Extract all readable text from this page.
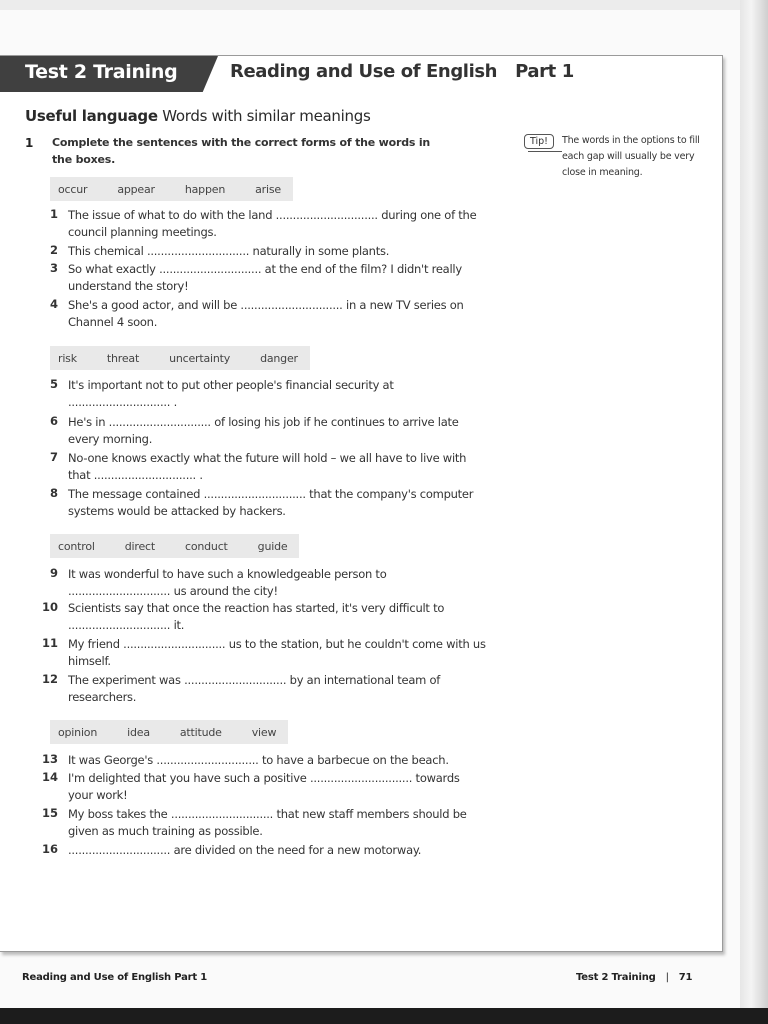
Test 2 Training	Reading and Use of English Part 1
Useful language Words with similar meanings
1 Complete the sentences with the correct forms of the words in the boxes.
Tip!	The words in the options to fill each gap will usually be very close in meaning.
occur	appear	happen	arise
1 The issue of what to do with the land .............................. during one of the council planning meetings.
2 This chemical .............................. naturally in some plants.
3 So what exactly .............................. at the end of the film? I didn't really understand the story!
4 She's a good actor, and will be .............................. in a new TV series on Channel 4 soon.
risk	threat	uncertainty	danger
5 It's important not to put other people's financial security at .............................. .
6 He's in .............................. of losing his job if he continues to arrive late every morning.
7 No-one knows exactly what the future will hold – we all have to live with that .............................. .
8 The message contained .............................. that the company's computer systems would be attacked by hackers.
control	direct	conduct	guide
9 It was wonderful to have such a knowledgeable person to .............................. us around the city!
10 Scientists say that once the reaction has started, it's very difficult to .............................. it.
11 My friend .............................. us to the station, but he couldn't come with us himself.
12 The experiment was .............................. by an international team of researchers.
opinion	idea	attitude	view
13 It was George's .............................. to have a barbecue on the beach.
14 I'm delighted that you have such a positive .............................. towards your work!
15 My boss takes the .............................. that new staff members should be given as much training as possible.
16 .............................. are divided on the need for a new motorway.
Reading and Use of English Part 1	Test 2 Training | 71
